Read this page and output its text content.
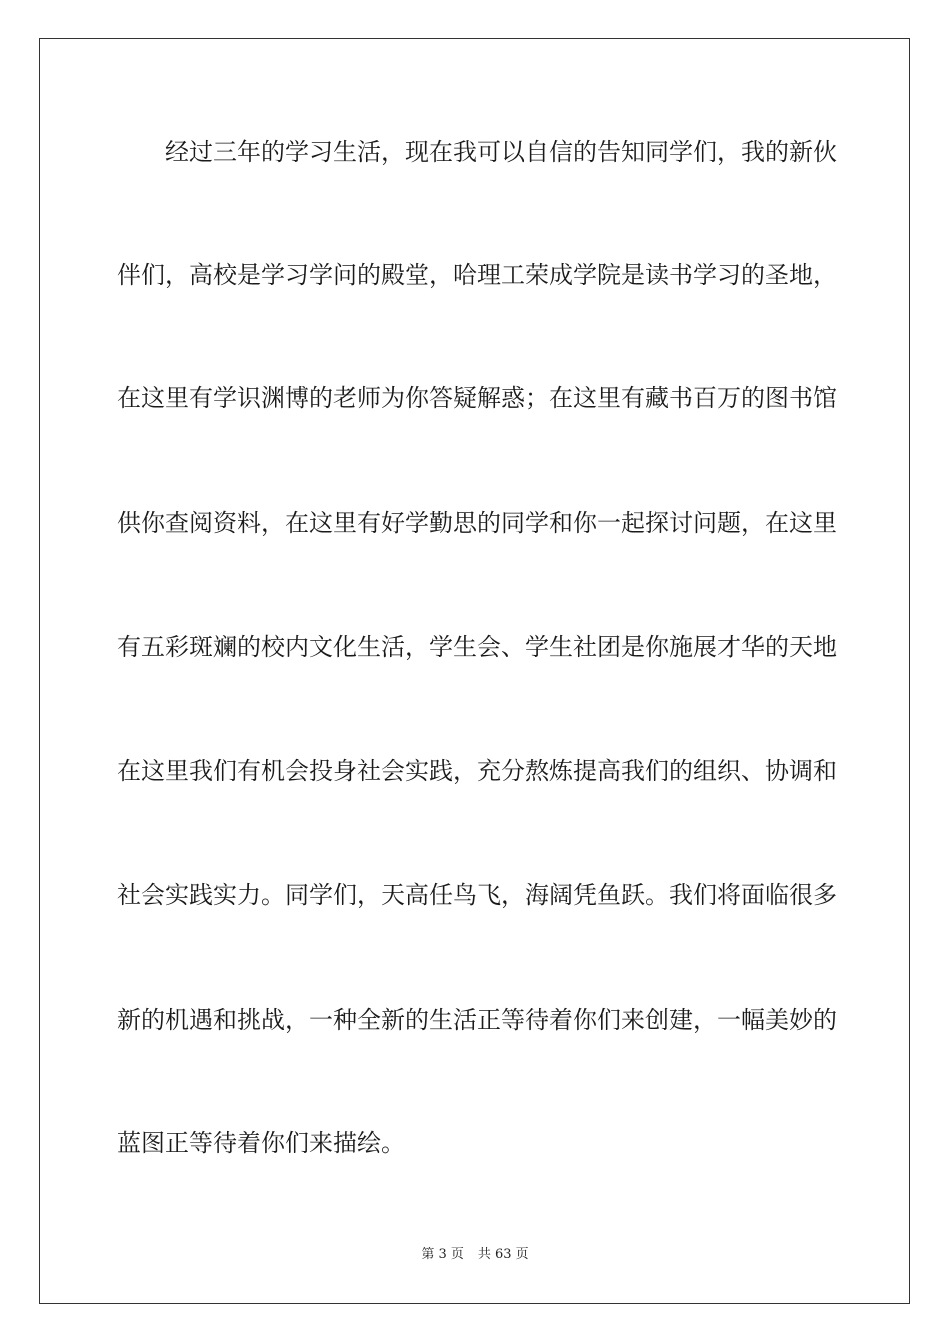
经过三年的学习生活，现在我可以自信的告知同学们，我的新伙
伴们，高校是学习学问的殿堂，哈理工荣成学院是读书学习的圣地，
在这里有学识渊博的老师为你答疑解惑；在这里有藏书百万的图书馆
供你查阅资料，在这里有好学勤思的同学和你一起探讨问题，在这里
有五彩斑斓的校内文化生活，学生会、学生社团是你施展才华的天地
在这里我们有机会投身社会实践，充分熬炼提高我们的组织、协调和
社会实践实力。同学们，天高任鸟飞，海阔凭鱼跃。我们将面临很多
新的机遇和挑战，一种全新的生活正等待着你们来创建，一幅美妙的
蓝图正等待着你们来描绘。
第 3 页 共 63 页
